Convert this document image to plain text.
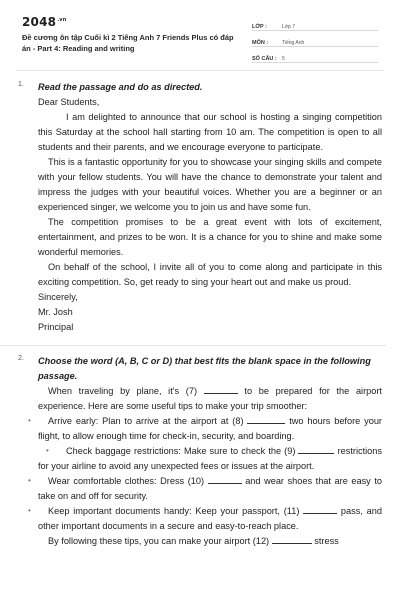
$2048^{.vn}$
Đề cương ôn tập Cuối kì 2 Tiếng Anh 7 Friends Plus có đáp án - Part 4: Reading and writing
LỚP :	Lớp 7
MÔN :	Tiếng Anh
SỐ CÂU :	5
1. Read the passage and do as directed.

Dear Students,

I am delighted to announce that our school is hosting a singing competition this Saturday at the school hall starting from 10 am. The competition is open to all students and their parents, and we encourage everyone to participate.

This is a fantastic opportunity for you to showcase your singing skills and compete with your fellow students. You will have the chance to demonstrate your talent and impress the judges with your beautiful voices. Whether you are a beginner or an experienced singer, we welcome you to join us and have some fun.

The competition promises to be a great event with lots of excitement, entertainment, and prizes to be won. It is a chance for you to shine and make some wonderful memories.

On behalf of the school, I invite all of you to come along and participate in this exciting competition. So, get ready to sing your heart out and make us proud.

Sincerely,

Mr. Josh

Principal

2. Choose the word (A, B, C or D) that best fits the blank space in the following passage.

When traveling by plane, it's (7)	to be prepared for the airport experience. Here are some useful tips to make your trip smoother:

• Arrive early: Plan to arrive at the airport at (8)	two hours before your flight, to allow enough time for check-in, security, and boarding.

• Check baggage restrictions: Make sure to check the (9)	restrictions for your airline to avoid any unexpected fees or issues at the airport.

• Wear comfortable clothes: Dress (10)	and wear shoes that are easy to take on and off for security.

• Keep important documents handy: Keep your passport, (11)	pass, and other important documents in a secure and easy-to-reach place.

By following these tips, you can make your airport (12)	stress
